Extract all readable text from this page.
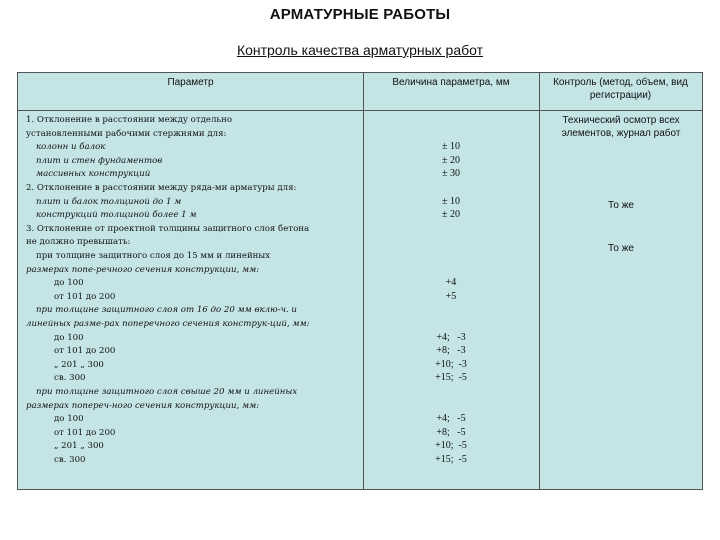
АРМАТУРНЫЕ РАБОТЫ
Контроль качества арматурных работ
Параметр	Величина параметра, мм	Контроль (метод, объем, вид регистрации)
1. Отклонение в расстоянии между отдельно
установленными рабочими стержнями для:
колонн и балок
плит и стен фундаментов
массивных конструкций
2. Отклонение в расстоянии между ряда-ми арматуры для:
плит и балок толщиной до 1 м
конструкций толщиной более 1 м
3. Отклонение от проектной толщины защитного слоя бетона
не должно превышать:
при толщине защитного слоя до 15 мм и линейных
размерах попе-речного сечения конструкции, мм:
до 100
от 101 до 200
при толщине защитного слоя от 16 до 20 мм вклю-ч. и
линейных разме-рах поперечного сечения конструк-ций, мм:
до 100
от 101 до 200
„ 201 „ 300
св. 300
при толщине защитного слоя свыше 20 мм и линейных
размерах попереч-ного сечения конструкции, мм:
до 100
от 101 до 200
„ 201 „ 300
св. 300
± 10
± 20
± 30
± 10
± 20
+4
+5
+4;   -3
+8;   -3
+10;  -3
+15;  -5
+4;   -5
+8;   -5
+10;  -5
+15;  -5
Технический осмотр всех элементов, журнал работ
То же
То же
